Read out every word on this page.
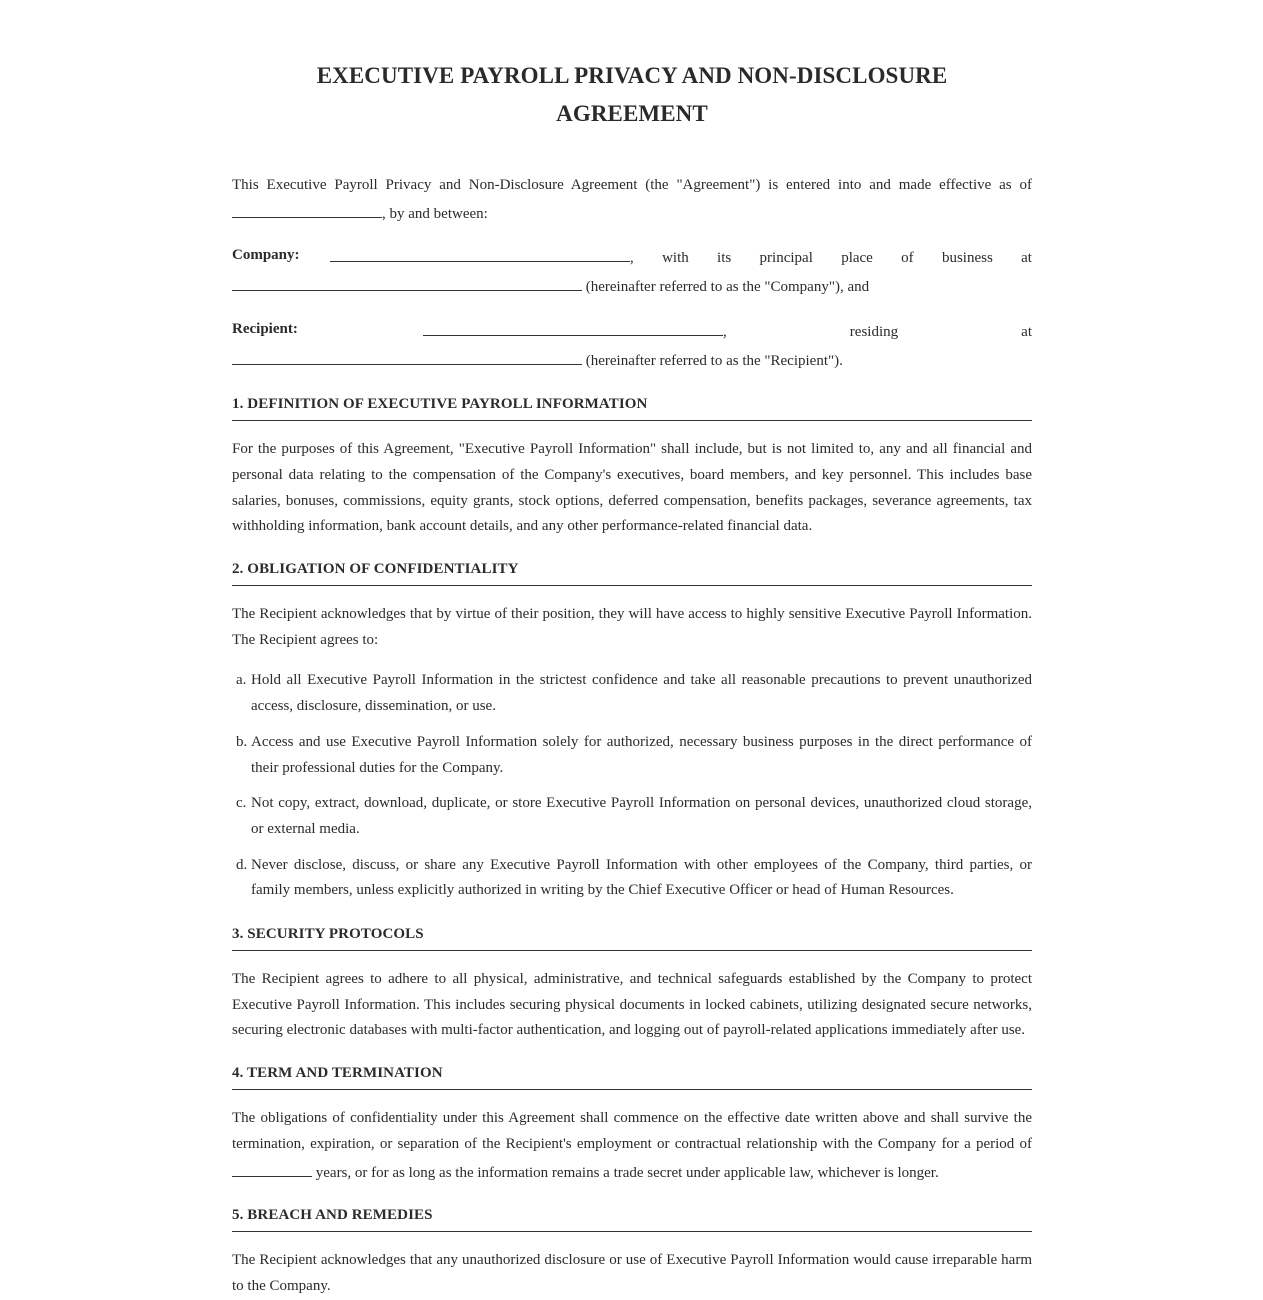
EXECUTIVE PAYROLL PRIVACY AND NON-DISCLOSURE
AGREEMENT

This Executive Payroll Privacy and Non-Disclosure Agreement (the "Agreement") is entered into and made effective as of , by and between:

Company:	, with its principal place of business at
(hereinafter referred to as the "Company"), and
Recipient:	,	residing	at
(hereinafter referred to as the "Recipient").
1. DEFINITION OF EXECUTIVE PAYROLL INFORMATION

For the purposes of this Agreement, "Executive Payroll Information" shall include, but is not limited to, any and all financial and personal data relating to the compensation of the Company's executives, board members, and key personnel. This includes base salaries, bonuses, commissions, equity grants, stock options, deferred compensation, benefits packages, severance agreements, tax withholding information, bank account details, and any other performance-related financial data.

2. OBLIGATION OF CONFIDENTIALITY

The Recipient acknowledges that by virtue of their position, they will have access to highly sensitive Executive Payroll Information. The Recipient agrees to:

a. Hold all Executive Payroll Information in the strictest confidence and take all reasonable precautions to prevent unauthorized access, disclosure, dissemination, or use.
b. Access and use Executive Payroll Information solely for authorized, necessary business purposes in the direct performance of their professional duties for the Company.
c. Not copy, extract, download, duplicate, or store Executive Payroll Information on personal devices, unauthorized cloud storage, or external media.
d. Never disclose, discuss, or share any Executive Payroll Information with other employees of the Company, third parties, or family members, unless explicitly authorized in writing by the Chief Executive Officer or head of Human Resources.
3. SECURITY PROTOCOLS

The Recipient agrees to adhere to all physical, administrative, and technical safeguards established by the Company to protect Executive Payroll Information. This includes securing physical documents in locked cabinets, utilizing designated secure networks, securing electronic databases with multi-factor authentication, and logging out of payroll-related applications immediately after use.

4. TERM AND TERMINATION

The obligations of confidentiality under this Agreement shall commence on the effective date written above and shall survive the termination, expiration, or separation of the Recipient's employment or contractual relationship with the Company for a period of  years, or for as long as the information remains a trade secret under applicable law, whichever is longer.

5. BREACH AND REMEDIES

The Recipient acknowledges that any unauthorized disclosure or use of Executive Payroll Information would cause irreparable harm to the Company.
